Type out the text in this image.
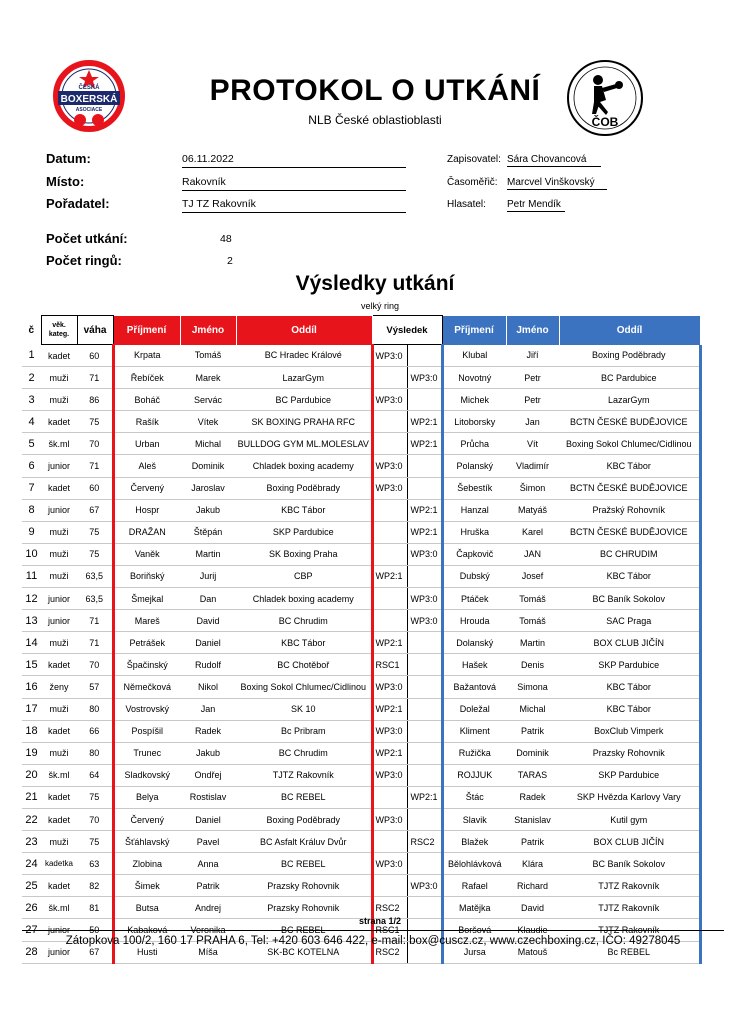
ČESKÁ
BOXERSKÁ
ASOCIACE
PROTOKOL O UTKÁNÍ
NLB České oblastioblasti	ČOB
Datum:	06.11.2022
Místo:	Rakovník
Pořadatel:	TJ TZ Rakovník
Zapisovatel: Sára Chovancová
Časoměřič: Marcvel Vinškovský
Hlasatel: Petr Mendík
Počet utkání:	48
Počet ringů:	2
Výsledky utkání
velký ring
č	věk. kateg.	váha	Příjmení	Jméno	Oddíl	Výsledek		Příjmení	Jméno	Oddíl
1	kadet	60	Krpata	Tomáš	BC Hradec Králové	WP3:0		Klubal	Jiří	Boxing Poděbrady
2	muži	71	Řebíček	Marek	LazarGym		WP3:0	Novotný	Petr	BC Pardubice
3	muži	86	Boháč	Servác	BC Pardubice	WP3:0		Michek	Petr	LazarGym
4	kadet	75	Rašík	Vítek	SK BOXING PRAHA RFC		WP2:1	Litoborsky	Jan	BCTN ČESKÉ BUDĚJOVICE
5	šk.ml	70	Urban	Michal	BULLDOG GYM ML.MOLESLAV		WP2:1	Průcha	Vít	Boxing Sokol Chlumec/Cidlinou
6	junior	71	Aleš	Dominik	Chladek boxing academy	WP3:0		Polanský	Vladimír	KBC Tábor
7	kadet	60	Červený	Jaroslav	Boxing Poděbrady	WP3:0		Šebestík	Šimon	BCTN ČESKÉ BUDĚJOVICE
8	junior	67	Hospr	Jakub	KBC Tábor		WP2:1	Hanzal	Matyáš	Pražský Rohovník
9	muži	75	DRAŽAN	Štěpán	SKP Pardubice		WP2:1	Hruška	Karel	BCTN ČESKÉ BUDĚJOVICE
10	muži	75	Vaněk	Martin	SK Boxing Praha		WP3:0	Čapkovič	JAN	BC CHRUDIM
11	muži	63,5	Boriňský	Jurij	CBP	WP2:1		Dubský	Josef	KBC Tábor
12	junior	63,5	Šmejkal	Dan	Chladek boxing academy		WP3:0	Ptáček	Tomáš	BC Baník Sokolov
13	junior	71	Mareš	David	BC Chrudim		WP3:0	Hrouda	Tomáš	SAC Praga
14	muži	71	Petrášek	Daniel	KBC Tábor	WP2:1		Dolanský	Martin	BOX CLUB JIČÍN
15	kadet	70	Špačinský	Rudolf	BC Chotěboř	RSC1		Hašek	Denis	SKP Pardubice
16	ženy	57	Němečková	Nikol	Boxing Sokol Chlumec/Cidlinou	WP3:0		Bažantová	Simona	KBC Tábor
17	muži	80	Vostrovský	Jan	SK 10	WP2:1		Doležal	Michal	KBC Tábor
18	kadet	66	Pospíšil	Radek	Bc Pribram	WP3:0		Kliment	Patrik	BoxClub Vimperk
19	muži	80	Trunec	Jakub	BC Chrudim	WP2:1		Ružička	Dominik	Prazsky Rohovnik
20	šk.ml	64	Sladkovský	Ondřej	TJTZ Rakovník	WP3:0		ROJJUK	TARAS	SKP Pardubice
21	kadet	75	Belya	Rostislav	BC REBEL		WP2:1	Štác	Radek	SKP Hvězda Karlovy Vary
22	kadet	70	Červený	Daniel	Boxing Poděbrady	WP3:0		Slavik	Stanislav	Kutil gym
23	muži	75	Šťáhlavský	Pavel	BC Asfalt Králuv Dvůr		RSC2	Blažek	Patrik	BOX CLUB JIČÍN
24	kadetka	63	Zlobina	Anna	BC REBEL	WP3:0		Bělohlávková	Klára	BC Baník Sokolov
25	kadet	82	Šimek	Patrik	Prazsky Rohovnik		WP3:0	Rafael	Richard	TJTZ Rakovník
26	šk.ml	81	Butsa	Andrej	Prazsky Rohovnik	RSC2		Matějka	David	TJTZ Rakovník
27	junior	50	Kabaková	Veronika	BC REBEL	RSC1		Boršová	Klaudie	TJTZ Rakovník
28	junior	67	Husti	Míša	SK-BC KOTELNA	RSC2		Jursa	Matouš	Bc REBEL
strana 1/2
Zátopkova 100/2, 160 17 PRAHA 6, Tel: +420 603 646 422, e-mail: box@cuscz.cz, www.czechboxing.cz, IČO: 49278045
